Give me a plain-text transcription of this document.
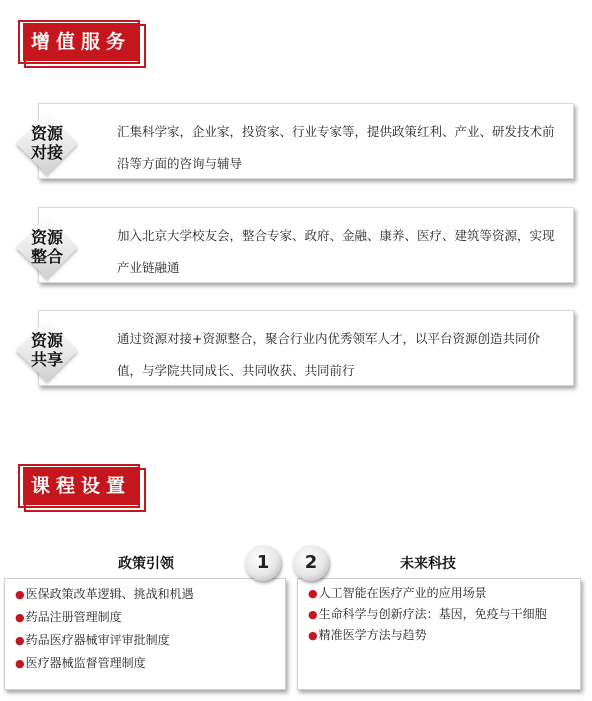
增值服务
汇集科学家，企业家，投资家、行业专家等，提供政策红利、产业、研发技术前沿等方面的咨询与辅导
资源
对接
加入北京大学校友会，整合专家、政府、金融、康养、医疗、建筑等资源，实现产业链融通
资源
整合
通过资源对接+资源整合，聚合行业内优秀领军人才，以平台资源创造共同价值，与学院共同成长、共同收获、共同前行
资源
共享
课程设置
政策引领	未来科技
●医保政策改革逻辑、挑战和机遇
●药品注册管理制度
●药品医疗器械审评审批制度
●医疗器械监督管理制度
●人工智能在医疗产业的应用场景
●生命科学与创新疗法：基因，免疫与干细胞
●精准医学方法与趋势
1	2
